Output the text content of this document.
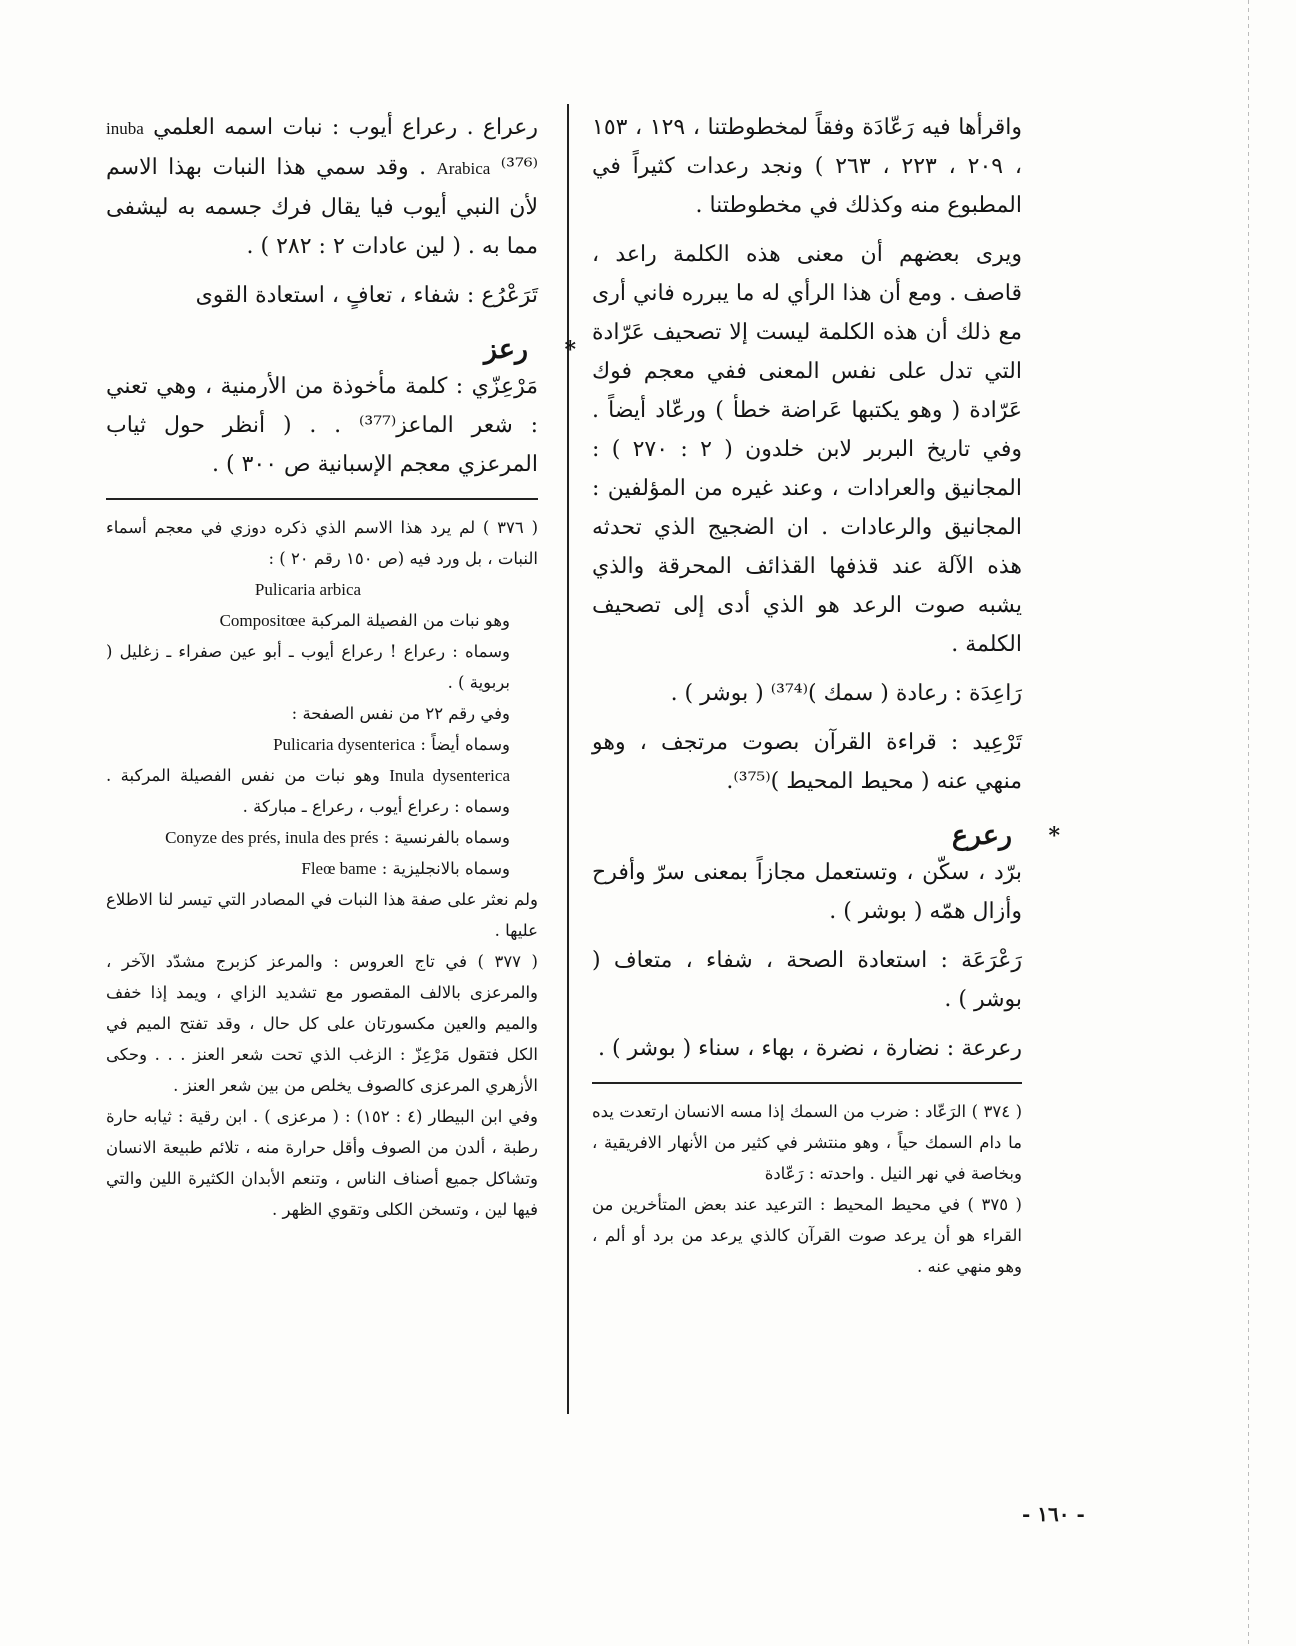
واقرأها فيه رَعّادَة وفقاً لمخطوطتنا ، ١٢٩ ، ١٥٣ ، ٢٠٩ ، ٢٢٣ ، ٢٦٣ ) ونجد رعدات كثيراً في المطبوع منه وكذلك في مخطوطتنا .

ويرى بعضهم أن معنى هذه الكلمة راعد ، قاصف . ومع أن هذا الرأي له ما يبرره فاني أرى مع ذلك أن هذه الكلمة ليست إلا تصحيف عَرّادة التي تدل على نفس المعنى ففي معجم فوك عَرّادة ( وهو يكتبها عَراضة خطأ ) ورعّاد أيضاً . وفي تاريخ البربر لابن خلدون ( ٢ : ٢٧٠ ) : المجانيق والعرادات ، وعند غيره من المؤلفين : المجانيق والرعادات . ان الضجيج الذي تحدثه هذه الآلة عند قذفها القذائف المحرقة والذي يشبه صوت الرعد هو الذي أدى إلى تصحيف الكلمة .

رَاعِدَة : رعادة ( سمك )⁽³⁷⁴⁾ ( بوشر ) .

تَرْعِيد : قراءة القرآن بصوت مرتجف ، وهو منهي عنه ( محيط المحيط )⁽³⁷⁵⁾.

*
رعرع

برّد ، سكّن ، وتستعمل مجازاً بمعنى سرّ وأفرح وأزال همّه ( بوشر ) .

رَعْرَعَة : استعادة الصحة ، شفاء ، متعاف ( بوشر ) .

رعرعة : نضارة ، نضرة ، بهاء ، سناء ( بوشر ) .

( ٣٧٤ ) الرَعّاد : ضرب من السمك إذا مسه الانسان ارتعدت يده ما دام السمك حياً ، وهو منتشر في كثير من الأنهار الافريقية ، وبخاصة في نهر النيل . واحدته : رَعّادة

( ٣٧٥ ) في محيط المحيط : الترعيد عند بعض المتأخرين من القراء هو أن يرعد صوت القرآن كالذي يرعد من برد أو ألم ، وهو منهي عنه .

رعراع . رعراع أيوب : نبات اسمه العلمي inuba Arabica ⁽³⁷⁶⁾ . وقد سمي هذا النبات بهذا الاسم لأن النبي أيوب فيا يقال فرك جسمه به ليشفى مما به . ( لين عادات ٢ : ٢٨٢ ) .

تَرَعْرُع : شفاء ، تعافٍ ، استعادة القوى

*
رعز

مَرْعِزّي : كلمة مأخوذة من الأرمنية ، وهي تعني : شعر الماعز⁽³⁷⁷⁾ . . ( أنظر حول ثياب المرعزي معجم الإسبانية ص ٣٠٠ ) .

( ٣٧٦ ) لم يرد هذا الاسم الذي ذكره دوزي في معجم أسماء النبات ، بل ورد فيه (ص ١٥٠ رقم ٢٠ ) :

Pulicaria arbica

وهو نبات من الفصيلة المركبة Compositœe

وسماه : رعراع ! رعراع أيوب ـ أبو عين صفراء ـ زغليل ( بربوية ) .

وفي رقم ٢٢ من نفس الصفحة :

وسماه أيضاً : Pulicaria dysenterica

Inula dysenterica وهو نبات من نفس الفصيلة المركبة . وسماه : رعراع أيوب ، رعراع ـ مباركة .

وسماه بالفرنسية : Conyze des prés, inula des prés

وسماه بالانجليزية : Fleœ bame

ولم نعثر على صفة هذا النبات في المصادر التي تيسر لنا الاطلاع عليها .

( ٣٧٧ ) في تاج العروس : والمرعز كزبرج مشدّد الآخر ، والمرعزى بالالف المقصور مع تشديد الزاي ، ويمد إذا خفف والميم والعين مكسورتان على كل حال ، وقد تفتح الميم في الكل فتقول مَرْعِزّ : الزغب الذي تحت شعر العنز . . . وحكى الأزهري المرعزى كالصوف يخلص من بين شعر العنز .

وفي ابن البيطار (٤ : ١٥٢) : ( مرعزى ) . ابن رقية : ثيابه حارة رطبة ، ألدن من الصوف وأقل حرارة منه ، تلائم طبيعة الانسان وتشاكل جميع أصناف الناس ، وتنعم الأبدان الكثيرة اللين والتي فيها لين ، وتسخن الكلى وتقوي الظهر .

- ١٦٠ -
